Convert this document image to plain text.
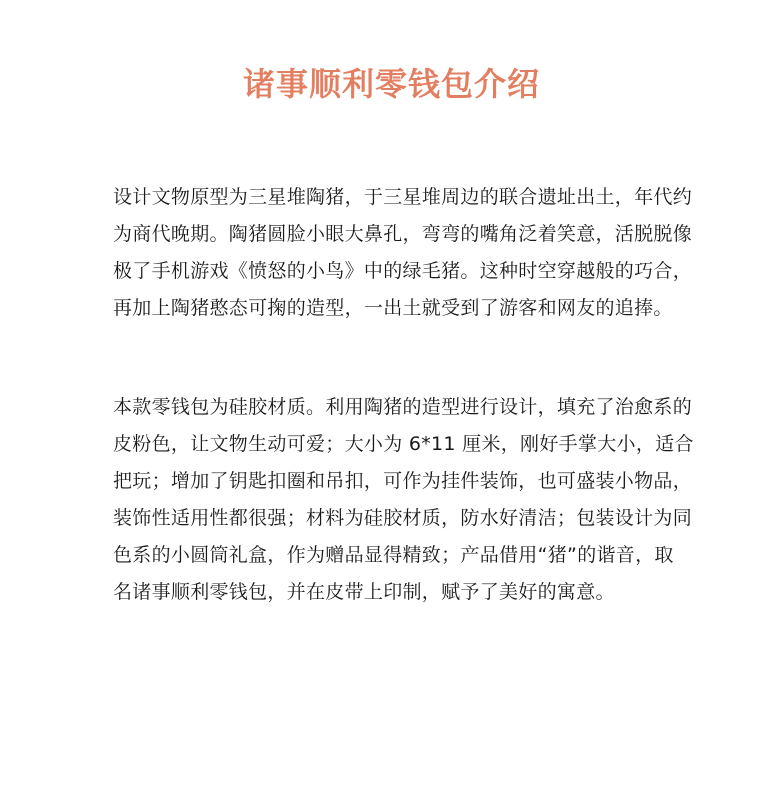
诸事顺利零钱包介绍
设计文物原型为三星堆陶猪，于三星堆周边的联合遗址出土，年代约
为商代晚期。陶猪圆脸小眼大鼻孔，弯弯的嘴角泛着笑意，活脱脱像
极了手机游戏《愤怒的小鸟》中的绿毛猪。这种时空穿越般的巧合，
再加上陶猪憨态可掬的造型，一出土就受到了游客和网友的追捧。
本款零钱包为硅胶材质。利用陶猪的造型进行设计，填充了治愈系的
皮粉色，让文物生动可爱；大小为 6*11 厘米，刚好手掌大小，适合
把玩；增加了钥匙扣圈和吊扣，可作为挂件装饰，也可盛装小物品，
装饰性适用性都很强；材料为硅胶材质，防水好清洁；包装设计为同
色系的小圆筒礼盒，作为赠品显得精致；产品借用“猪”的谐音，取
名诸事顺利零钱包，并在皮带上印制，赋予了美好的寓意。
